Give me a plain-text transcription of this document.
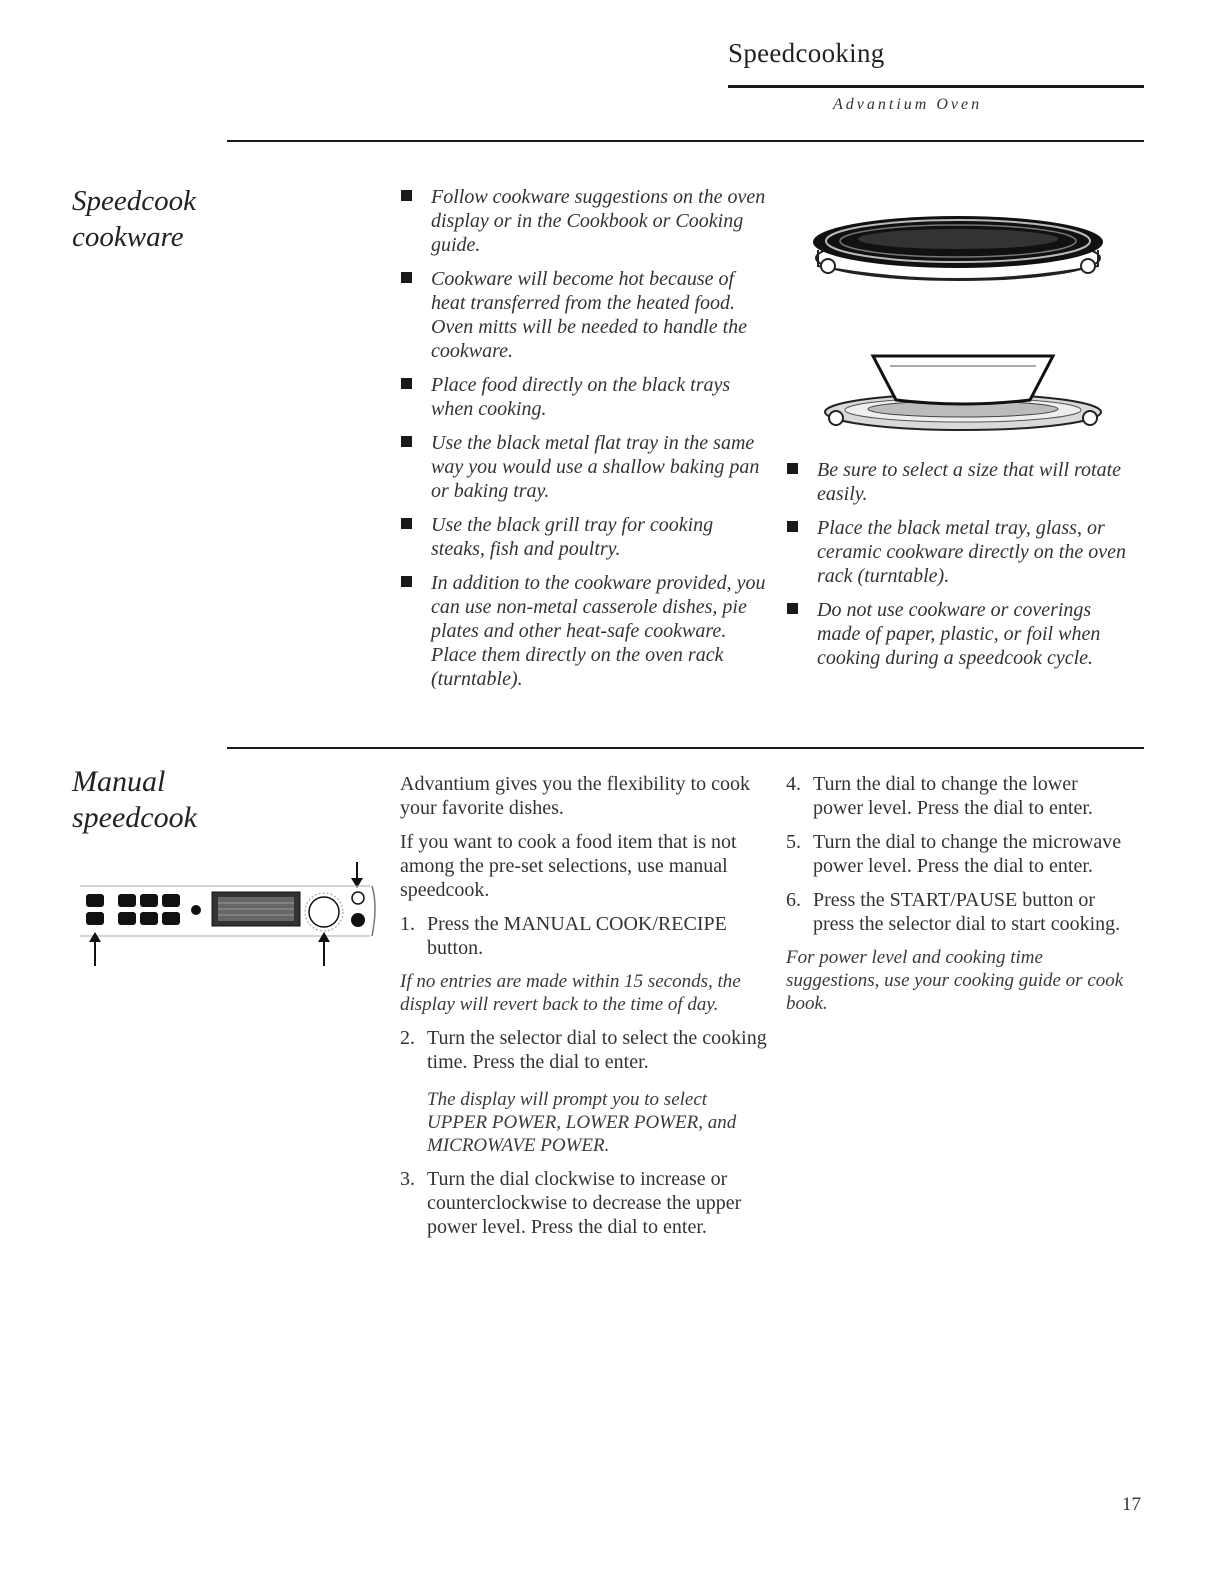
Speedcooking
Advantium Oven
Speedcook
cookware
Follow cookware suggestions on the oven display or in the Cookbook or Cooking guide.
Cookware will become hot because of heat transferred from the heated food. Oven mitts will be needed to handle the cookware.
Place food directly on the black trays when cooking.
Use the black metal flat tray in the same way you would use a shallow baking pan or baking tray.
Use the black grill tray for cooking steaks, fish and poultry.
In addition to the cookware provided, you can use non-metal casserole dishes, pie plates and other heat-safe cookware. Place them directly on the oven rack (turntable).
Be sure to select a size that will rotate easily.
Place the black metal tray, glass, or ceramic cookware directly on the oven rack (turntable).
Do not use cookware or coverings made of paper, plastic, or foil when cooking during a speedcook cycle.
Manual
speedcook

Advantium gives you the flexibility to cook your favorite dishes.

If you want to cook a food item that is not among the pre-set selections, use manual speedcook.

1. Press the MANUAL COOK/RECIPE button.

If no entries are made within 15 seconds, the display will revert back to the time of day.

2. Turn the selector dial to select the cooking time. Press the dial to enter.

The display will prompt you to select UPPER POWER, LOWER POWER, and MICROWAVE POWER.

3. Turn the dial clockwise to increase or counterclockwise to decrease the upper power level. Press the dial to enter.
4. Turn the dial to change the lower power level. Press the dial to enter.
5. Turn the dial to change the microwave power level. Press the dial to enter.
6. Press the START/PAUSE button or press the selector dial to start cooking.

For power level and cooking time suggestions, use your cooking guide or cook book.

17
